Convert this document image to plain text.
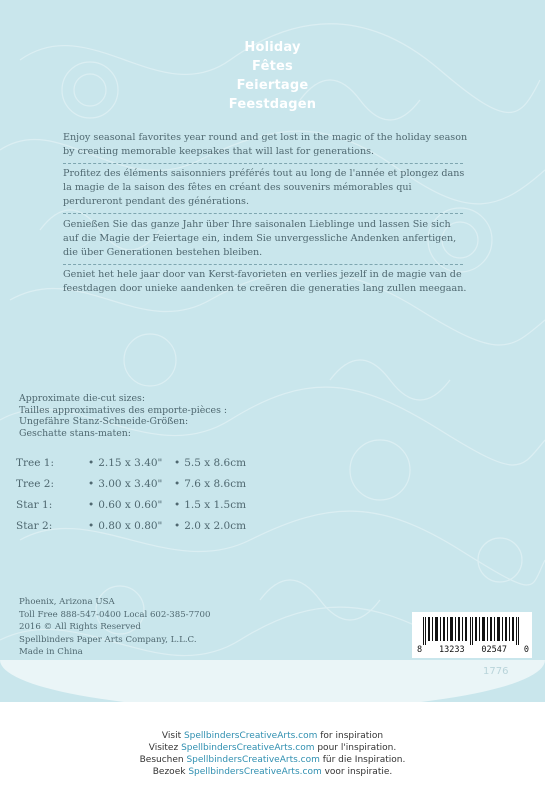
Holiday
Fêtes
Feiertage
Feestdagen
Enjoy seasonal favorites year round and get lost in the magic of the holiday season by creating memorable keepsakes that will last for generations.
Profitez des éléments saisonniers préférés tout au long de l'année et plongez dans la magie de la saison des fêtes en créant des souvenirs mémorables qui perdureront pendant des générations.
Genießen Sie das ganze Jahr über Ihre saisonalen Lieblinge und lassen Sie sich auf die Magie der Feiertage ein, indem Sie unvergessliche Andenken anfertigen, die über Generationen bestehen bleiben.
Geniet het hele jaar door van Kerst-favorieten en verlies jezelf in de magie van de feestdagen door unieke aandenken te creëren die generaties lang zullen meegaan.
Approximate die-cut sizes:
Tailles approximatives des emporte-pièces :
Ungefähre Stanz-Schneide-Größen:
Geschatte stans-maten:
Tree 1:	• 2.15 x 3.40"	• 5.5 x 8.6cm
Tree 2:	• 3.00 x 3.40"	• 7.6 x 8.6cm
Star 1:	• 0.60 x 0.60"	• 1.5 x 1.5cm
Star 2:	• 0.80 x 0.80"	• 2.0 x 2.0cm
Phoenix, Arizona USA
Toll Free 888-547-0400 Local 602-385-7700
2016 © All Rights Reserved
Spellbinders Paper Arts Company, L.L.C.
Made in China	8 13233 02547 0
1776
Visit SpellbindersCreativeArts.com for inspiration
Visitez SpellbindersCreativeArts.com pour l'inspiration.
Besuchen SpellbindersCreativeArts.com für die Inspiration.
Bezoek SpellbindersCreativeArts.com voor inspiratie.
